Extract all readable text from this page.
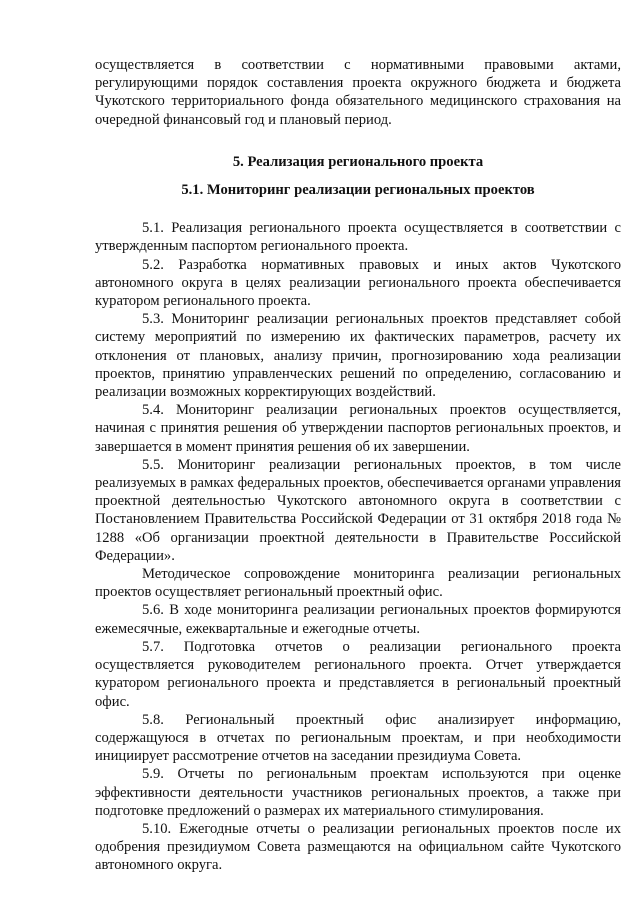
осуществляется в соответствии с нормативными правовыми актами, регулирующими порядок составления проекта окружного бюджета и бюджета Чукотского территориального фонда обязательного медицинского страхования на очередной финансовый год и плановый период.

5. Реализация регионального проекта
5.1. Мониторинг реализации региональных проектов

5.1. Реализация регионального проекта осуществляется в соответствии с утвержденным паспортом регионального проекта.

5.2. Разработка нормативных правовых и иных актов Чукотского автономного округа в целях реализации регионального проекта обеспечивается куратором регионального проекта.

5.3. Мониторинг реализации региональных проектов представляет собой систему мероприятий по измерению их фактических параметров, расчету их отклонения от плановых, анализу причин, прогнозированию хода реализации проектов, принятию управленческих решений по определению, согласованию и реализации возможных корректирующих воздействий.

5.4. Мониторинг реализации региональных проектов осуществляется, начиная с принятия решения об утверждении паспортов региональных проектов, и завершается в момент принятия решения об их завершении.

5.5. Мониторинг реализации региональных проектов, в том числе реализуемых в рамках федеральных проектов, обеспечивается органами управления проектной деятельностью Чукотского автономного округа в соответствии с Постановлением Правительства Российской Федерации от 31 октября 2018 года № 1288 «Об организации проектной деятельности в Правительстве Российской Федерации».

Методическое сопровождение мониторинга реализации региональных проектов осуществляет региональный проектный офис.

5.6. В ходе мониторинга реализации региональных проектов формируются ежемесячные, ежеквартальные и ежегодные отчеты.

5.7. Подготовка отчетов о реализации регионального проекта осуществляется руководителем регионального проекта. Отчет утверждается куратором регионального проекта и представляется в региональный проектный офис.

5.8. Региональный проектный офис анализирует информацию, содержащуюся в отчетах по региональным проектам, и при необходимости инициирует рассмотрение отчетов на заседании президиума Совета.

5.9. Отчеты по региональным проектам используются при оценке эффективности деятельности участников региональных проектов, а также при подготовке предложений о размерах их материального стимулирования.

5.10. Ежегодные отчеты о реализации региональных проектов после их одобрения президиумом Совета размещаются на официальном сайте Чукотского автономного округа.
